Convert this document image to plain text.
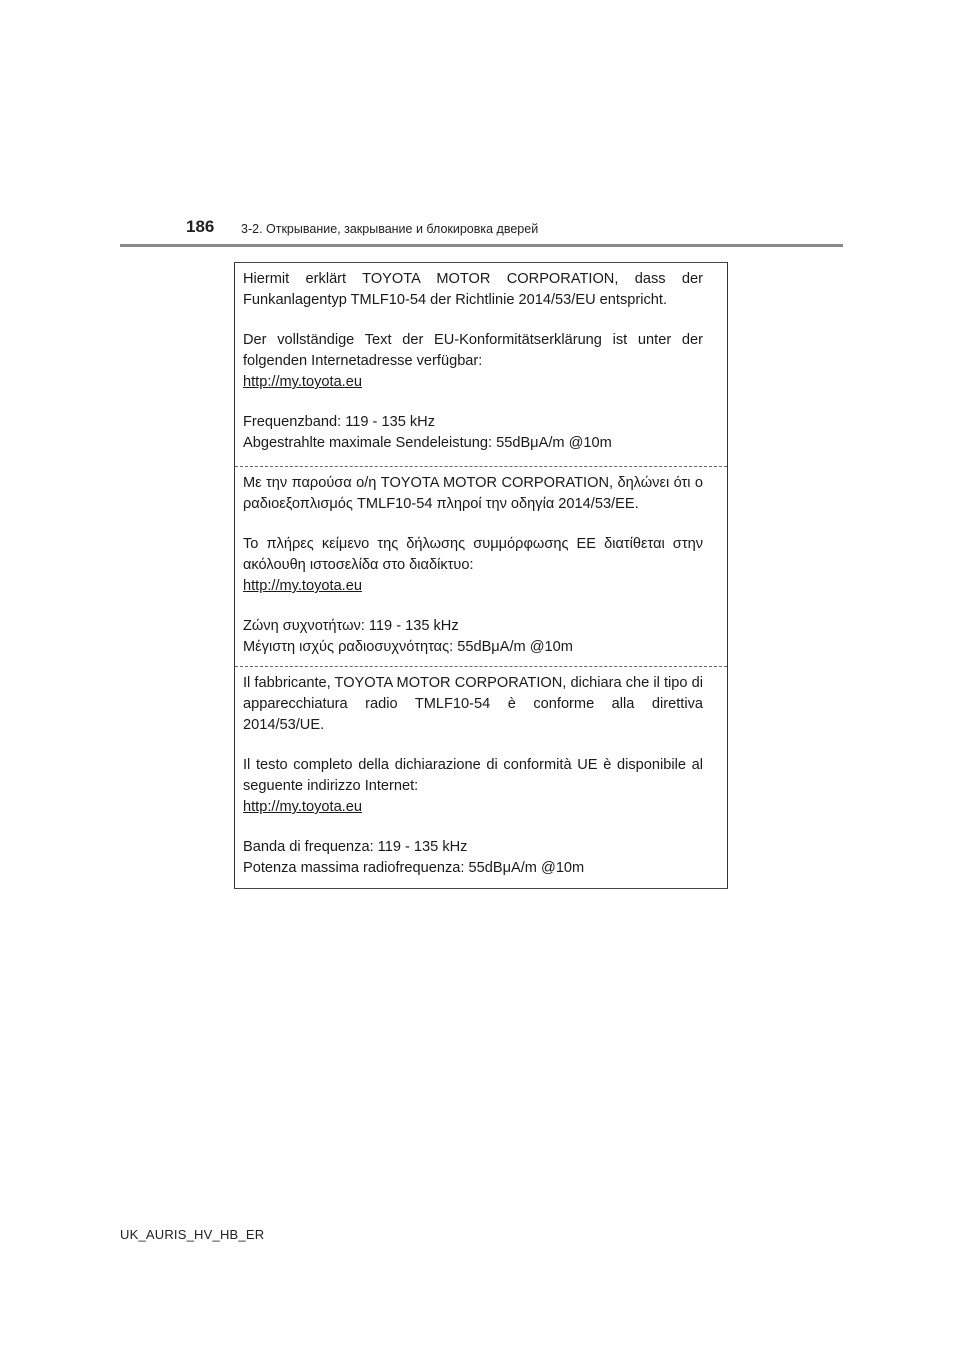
186 3-2. Открывание, закрывание и блокировка дверей

Hiermit erklärt TOYOTA MOTOR CORPORATION, dass der Funkanlagentyp TMLF10-54 der Richtlinie 2014/53/EU entspricht.

Der vollständige Text der EU-Konformitätserklärung ist unter der folgenden Internetadresse verfügbar:
http://my.toyota.eu

Frequenzband: 119 - 135 kHz
Abgestrahlte maximale Sendeleistung: 55dBμA/m @10m

Με την παρούσα ο/η TOYOTA MOTOR CORPORATION, δηλώνει ότι ο ραδιοεξοπλισμός TMLF10-54 πληροί την οδηγία 2014/53/ΕΕ.

Το πλήρες κείμενο της δήλωσης συμμόρφωσης ΕΕ διατίθεται στην ακόλουθη ιστοσελίδα στο διαδίκτυο:
http://my.toyota.eu

Ζώνη συχνοτήτων: 119 - 135 kHz
Μέγιστη ισχύς ραδιοσυχνότητας: 55dBμA/m @10m

Il fabbricante, TOYOTA MOTOR CORPORATION, dichiara che il tipo di apparecchiatura radio TMLF10-54 è conforme alla direttiva 2014/53/UE.

Il testo completo della dichiarazione di conformità UE è disponibile al seguente indirizzo Internet:
http://my.toyota.eu

Banda di frequenza: 119 - 135 kHz
Potenza massima radiofrequenza: 55dBμA/m @10m

UK_AURIS_HV_HB_ER
